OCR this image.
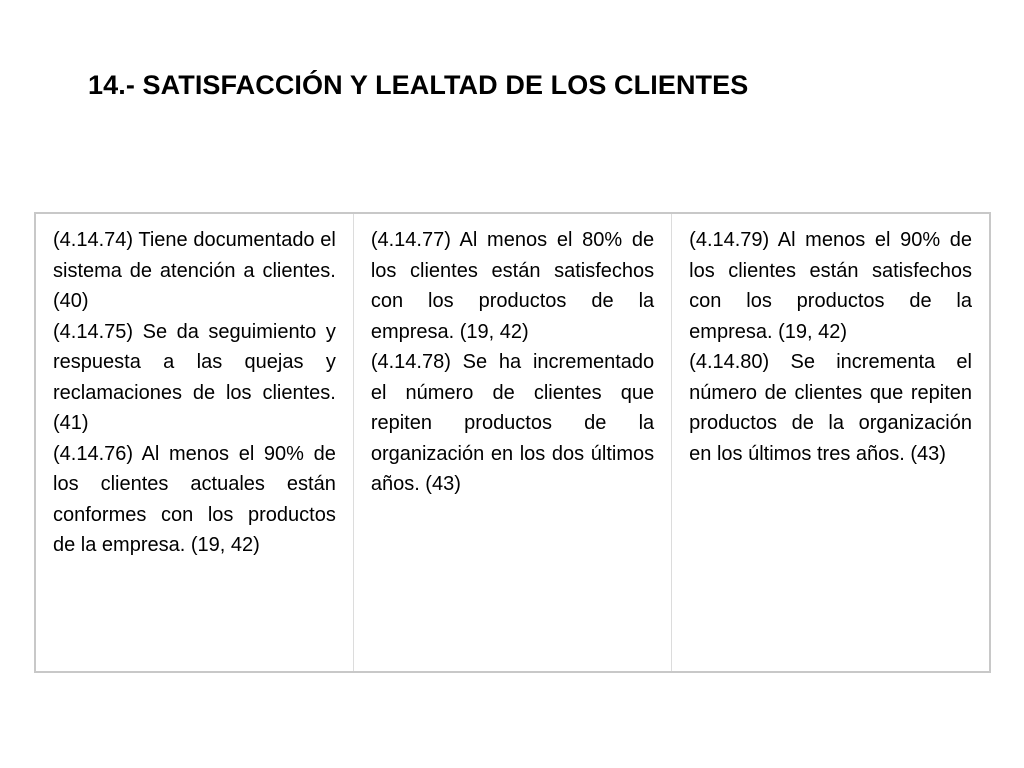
14.- SATISFACCIÓN Y LEALTAD DE LOS CLIENTES

(4.14.74) Tiene documentado el sistema de atención a clientes. (40)

(4.14.75) Se da seguimiento y respuesta a las quejas y reclamaciones de los clientes. (41)

(4.14.76) Al menos el 90% de los clientes actuales están conformes con los productos de la empresa. (19, 42)

(4.14.77) Al menos el 80% de los clientes están satisfechos con los productos de la empresa. (19, 42)

(4.14.78) Se ha incrementado el número de clientes que repiten productos de la organización en los dos últimos años. (43)

(4.14.79) Al menos el 90% de los clientes están satisfechos con los productos de la empresa. (19, 42)

(4.14.80) Se incrementa el número de clientes que repiten productos de la organización en los últimos tres años. (43)
